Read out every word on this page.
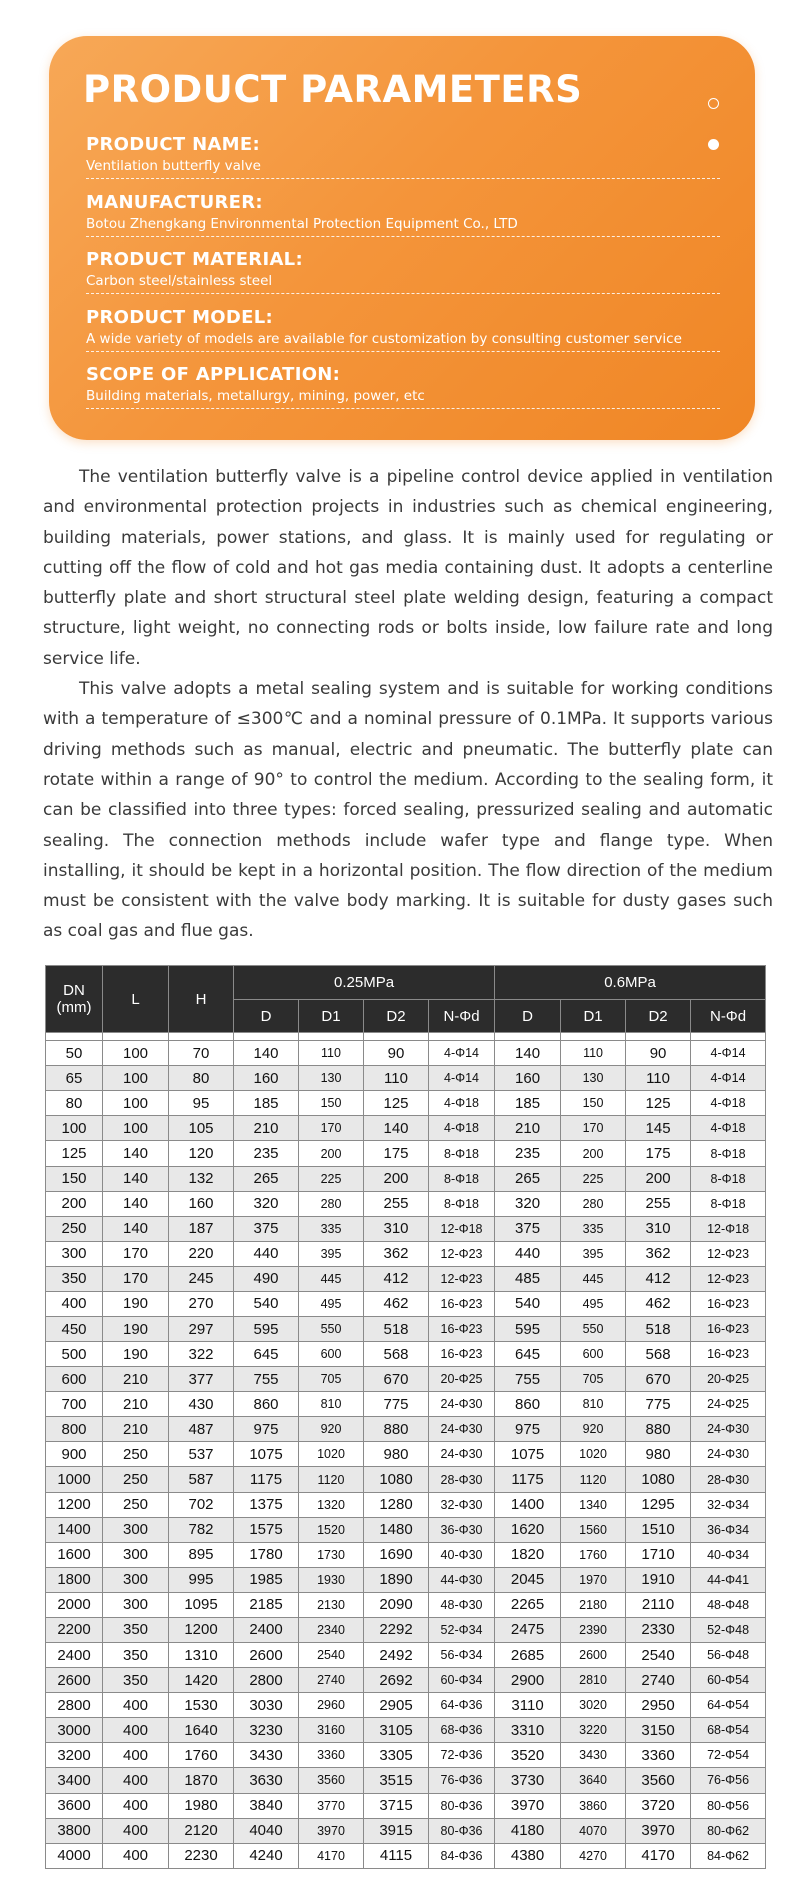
PRODUCT PARAMETERS
PRODUCT NAME:
Ventilation butterfly valve
MANUFACTURER:
Botou Zhengkang Environmental Protection Equipment Co., LTD
PRODUCT MATERIAL:
Carbon steel/stainless steel
PRODUCT MODEL:
A wide variety of models are available for customization by consulting customer service
SCOPE OF APPLICATION:
Building materials, metallurgy, mining, power, etc

The ventilation butterfly valve is a pipeline control device applied in ventilation and environmental protection projects in industries such as chemical engineering, building materials, power stations, and glass. It is mainly used for regulating or cutting off the flow of cold and hot gas media containing dust. It adopts a centerline butterfly plate and short structural steel plate welding design, featuring a compact structure, light weight, no connecting rods or bolts inside, low failure rate and long service life.

This valve adopts a metal sealing system and is suitable for working conditions with a temperature of ≤300℃ and a nominal pressure of 0.1MPa. It supports various driving methods such as manual, electric and pneumatic. The butterfly plate can rotate within a range of 90° to control the medium. According to the sealing form, it can be classified into three types: forced sealing, pressurized sealing and automatic sealing. The connection methods include wafer type and flange type. When installing, it should be kept in a horizontal position. The flow direction of the medium must be consistent with the valve body marking. It is suitable for dusty gases such as coal gas and flue gas.

DN (mm)	L	H	0.25MPa				0.6MPa			
			D	D1	D2	N-Φd	D	D1	D2	N-Φd

50	100	70	140	110	90	4-Φ14	140	110	90	4-Φ14
65	100	80	160	130	110	4-Φ14	160	130	110	4-Φ14
80	100	95	185	150	125	4-Φ18	185	150	125	4-Φ18
100	100	105	210	170	140	4-Φ18	210	170	145	4-Φ18
125	140	120	235	200	175	8-Φ18	235	200	175	8-Φ18
150	140	132	265	225	200	8-Φ18	265	225	200	8-Φ18
200	140	160	320	280	255	8-Φ18	320	280	255	8-Φ18
250	140	187	375	335	310	12-Φ18	375	335	310	12-Φ18
300	170	220	440	395	362	12-Φ23	440	395	362	12-Φ23
350	170	245	490	445	412	12-Φ23	485	445	412	12-Φ23
400	190	270	540	495	462	16-Φ23	540	495	462	16-Φ23
450	190	297	595	550	518	16-Φ23	595	550	518	16-Φ23
500	190	322	645	600	568	16-Φ23	645	600	568	16-Φ23
600	210	377	755	705	670	20-Φ25	755	705	670	20-Φ25
700	210	430	860	810	775	24-Φ30	860	810	775	24-Φ25
800	210	487	975	920	880	24-Φ30	975	920	880	24-Φ30
900	250	537	1075	1020	980	24-Φ30	1075	1020	980	24-Φ30
1000	250	587	1175	1120	1080	28-Φ30	1175	1120	1080	28-Φ30
1200	250	702	1375	1320	1280	32-Φ30	1400	1340	1295	32-Φ34
1400	300	782	1575	1520	1480	36-Φ30	1620	1560	1510	36-Φ34
1600	300	895	1780	1730	1690	40-Φ30	1820	1760	1710	40-Φ34
1800	300	995	1985	1930	1890	44-Φ30	2045	1970	1910	44-Φ41
2000	300	1095	2185	2130	2090	48-Φ30	2265	2180	2110	48-Φ48
2200	350	1200	2400	2340	2292	52-Φ34	2475	2390	2330	52-Φ48
2400	350	1310	2600	2540	2492	56-Φ34	2685	2600	2540	56-Φ48
2600	350	1420	2800	2740	2692	60-Φ34	2900	2810	2740	60-Φ54
2800	400	1530	3030	2960	2905	64-Φ36	3110	3020	2950	64-Φ54
3000	400	1640	3230	3160	3105	68-Φ36	3310	3220	3150	68-Φ54
3200	400	1760	3430	3360	3305	72-Φ36	3520	3430	3360	72-Φ54
3400	400	1870	3630	3560	3515	76-Φ36	3730	3640	3560	76-Φ56
3600	400	1980	3840	3770	3715	80-Φ36	3970	3860	3720	80-Φ56
3800	400	2120	4040	3970	3915	80-Φ36	4180	4070	3970	80-Φ62
4000	400	2230	4240	4170	4115	84-Φ36	4380	4270	4170	84-Φ62
